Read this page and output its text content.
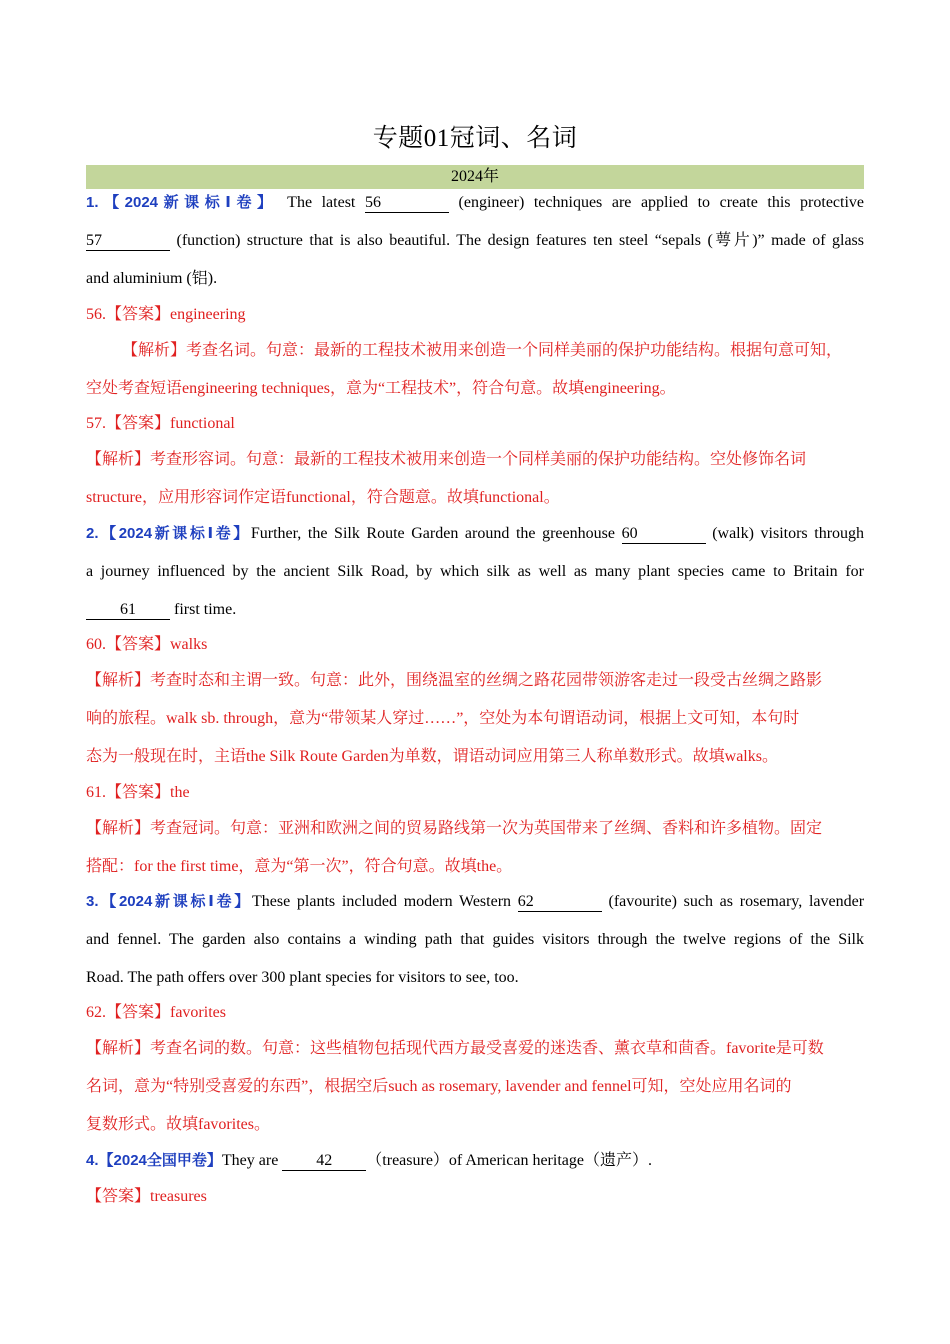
专题01冠词、名词
2024年
1.【2024新课标Ⅰ卷】 The latest 56	(engineer) techniques are applied to create this protective
57	(function) structure that is also beautiful. The design features ten steel “sepals (萼片)” made of glass
and aluminium (铝).
56.【答案】engineering
【解析】考查名词。句意：最新的工程技术被用来创造一个同样美丽的保护功能结构。根据句意可知，
空处考查短语engineering techniques，意为“工程技术”，符合句意。故填engineering。
57.【答案】functional
【解析】考查形容词。句意：最新的工程技术被用来创造一个同样美丽的保护功能结构。空处修饰名词
structure，应用形容词作定语functional，符合题意。故填functional。
2.【2024新课标Ⅰ卷】Further, the Silk Route Garden around the greenhouse 60	(walk) visitors through
a journey influenced by the ancient Silk Road, by which silk as well as many plant species came to Britain for
61 first time.
60.【答案】walks
【解析】考查时态和主谓一致。句意：此外，围绕温室的丝绸之路花园带领游客走过一段受古丝绸之路影
响的旅程。walk sb. through，意为“带领某人穿过……”，空处为本句谓语动词，根据上文可知，本句时
态为一般现在时，主语the Silk Route Garden为单数，谓语动词应用第三人称单数形式。故填walks。
61.【答案】the
【解析】考查冠词。句意：亚洲和欧洲之间的贸易路线第一次为英国带来了丝绸、香料和许多植物。固定
搭配：for the first time，意为“第一次”，符合句意。故填the。
3.【2024新课标Ⅰ卷】These plants included modern Western 62	(favourite) such as rosemary, lavender
and fennel. The garden also contains a winding path that guides visitors through the twelve regions of the Silk
Road. The path offers over 300 plant species for visitors to see, too.
62.【答案】favorites
【解析】考查名词的数。句意：这些植物包括现代西方最受喜爱的迷迭香、薰衣草和茴香。favorite是可数
名词，意为“特别受喜爱的东西”，根据空后such as rosemary, lavender and fennel可知，空处应用名词的
复数形式。故填favorites。
4.【2024全国甲卷】They are 42 （treasure）of American heritage（遗产）.
【答案】treasures
